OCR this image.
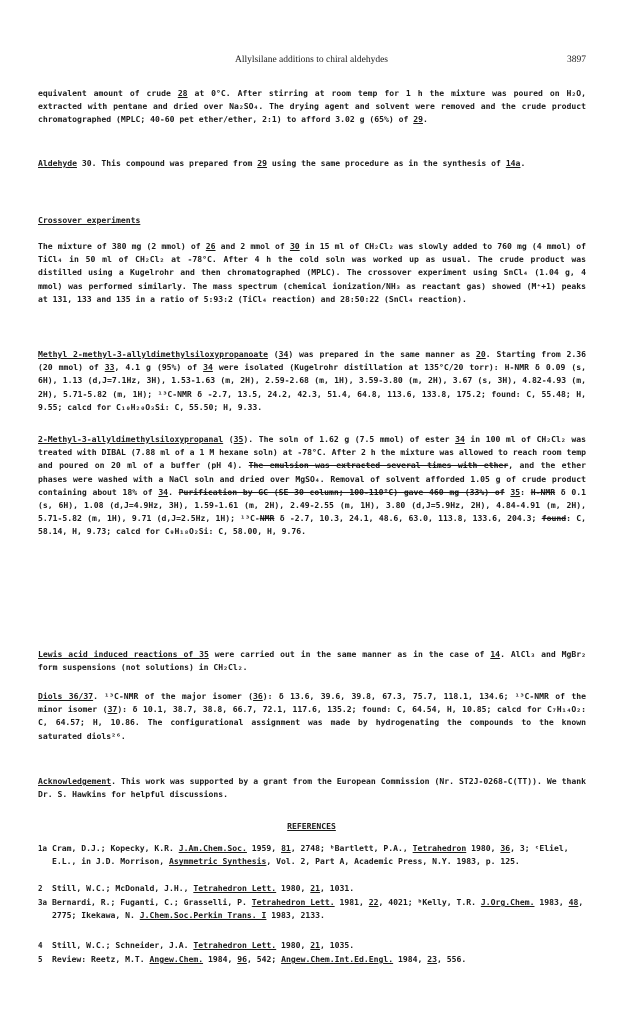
Allylsilane additions to chiral aldehydes	3897

equivalent amount of crude 28 at 0°C. After stirring at room temp for 1 h the mixture was poured on H₂O, extracted with pentane and dried over Na₂SO₄. The drying agent and solvent were removed and the crude product chromatographed (MPLC; 40-60 pet ether/ether, 2:1) to afford 3.02 g (65%) of 29.

Aldehyde 30. This compound was prepared from 29 using the same procedure as in the synthesis of 14a.

Crossover experiments

The mixture of 380 mg (2 mmol) of 26 and 2 mmol of 30 in 15 ml of CH₂Cl₂ was slowly added to 760 mg (4 mmol) of TiCl₄ in 50 ml of CH₂Cl₂ at -78°C. After 4 h the cold soln was worked up as usual. The crude product was distilled using a Kugelrohr and then chromatographed (MPLC). The crossover experiment using SnCl₄ (1.04 g, 4 mmol) was performed similarly. The mass spectrum (chemical ionization/NH₃ as reactant gas) showed (M⁺+1) peaks at 131, 133 and 135 in a ratio of 5:93:2 (TiCl₄ reaction) and 28:50:22 (SnCl₄ reaction).

Methyl 2-methyl-3-allyldimethylsiloxypropanoate (34) was prepared in the same manner as 20. Starting from 2.36 (20 mmol) of 33, 4.1 g (95%) of 34 were isolated (Kugelrohr distillation at 135°C/20 torr): H-NMR δ 0.09 (s, 6H), 1.13 (d,J=7.1Hz, 3H), 1.53-1.63 (m, 2H), 2.59-2.68 (m, 1H), 3.59-3.80 (m, 2H), 3.67 (s, 3H), 4.82-4.93 (m, 2H), 5.71-5.82 (m, 1H); ¹³C-NMR δ -2.7, 13.5, 24.2, 42.3, 51.4, 64.8, 113.6, 133.8, 175.2; found: C, 55.48; H, 9.55; calcd for C₁₀H₂₀O₃Si: C, 55.50; H, 9.33.

2-Methyl-3-allyldimethylsiloxypropanal (35). The soln of 1.62 g (7.5 mmol) of ester 34 in 100 ml of CH₂Cl₂ was treated with DIBAL (7.88 ml of a 1 M hexane soln) at -78°C. After 2 h the mixture was allowed to reach room temp and poured on 20 ml of a buffer (pH 4). The emulsion was extracted several times with ether, and the ether phases were washed with a NaCl soln and dried over MgSO₄. Removal of solvent afforded 1.05 g of crude product containing about 18% of 34. Purification by GC (SE 30 column; 100-110°C) gave 460 mg (33%) of 35: H-NMR δ 0.1 (s, 6H), 1.08 (d,J=4.9Hz, 3H), 1.59-1.61 (m, 2H), 2.49-2.55 (m, 1H), 3.80 (d,J=5.9Hz, 2H), 4.84-4.91 (m, 2H), 5.71-5.82 (m, 1H), 9.71 (d,J=2.5Hz, 1H); ¹³C-NMR δ -2.7, 10.3, 24.1, 48.6, 63.0, 113.8, 133.6, 204.3; found: C, 58.14, H, 9.73; calcd for C₉H₁₈O₂Si: C, 58.00, H, 9.76.

Lewis acid induced reactions of 35 were carried out in the same manner as in the case of 14. AlCl₃ and MgBr₂ form suspensions (not solutions) in CH₂Cl₂.

Diols 36/37. ¹³C-NMR of the major isomer (36): δ 13.6, 39.6, 39.8, 67.3, 75.7, 118.1, 134.6; ¹³C-NMR of the minor isomer (37): δ 10.1, 38.7, 38.8, 66.7, 72.1, 117.6, 135.2; found: C, 64.54, H, 10.85; calcd for C₇H₁₄O₂: C, 64.57; H, 10.86. The configurational assignment was made by hydrogenating the compounds to the known saturated diols²⁶.

Acknowledgement. This work was supported by a grant from the European Commission (Nr. ST2J-0268-C(TT)). We thank Dr. S. Hawkins for helpful discussions.

REFERENCES
1a Cram, D.J.; Kopecky, K.R. J.Am.Chem.Soc. 1959, 81, 2748; ᵇBartlett, P.A., Tetrahedron 1980, 36, 3; ᶜEliel, E.L., in J.D. Morrison, Asymmetric Synthesis, Vol. 2, Part A, Academic Press, N.Y. 1983, p. 125.
2	Still, W.C.; McDonald, J.H., Tetrahedron Lett. 1980, 21, 1031.
3a Bernardi, R.; Fuganti, C.; Grasselli, P. Tetrahedron Lett. 1981, 22, 4021; ᵇKelly, T.R. J.Org.Chem. 1983, 48, 2775; Ikekawa, N. J.Chem.Soc.Perkin Trans. I 1983, 2133.
4	Still, W.C.; Schneider, J.A. Tetrahedron Lett. 1980, 21, 1035.
5	Review: Reetz, M.T. Angew.Chem. 1984, 96, 542; Angew.Chem.Int.Ed.Engl. 1984, 23, 556.
